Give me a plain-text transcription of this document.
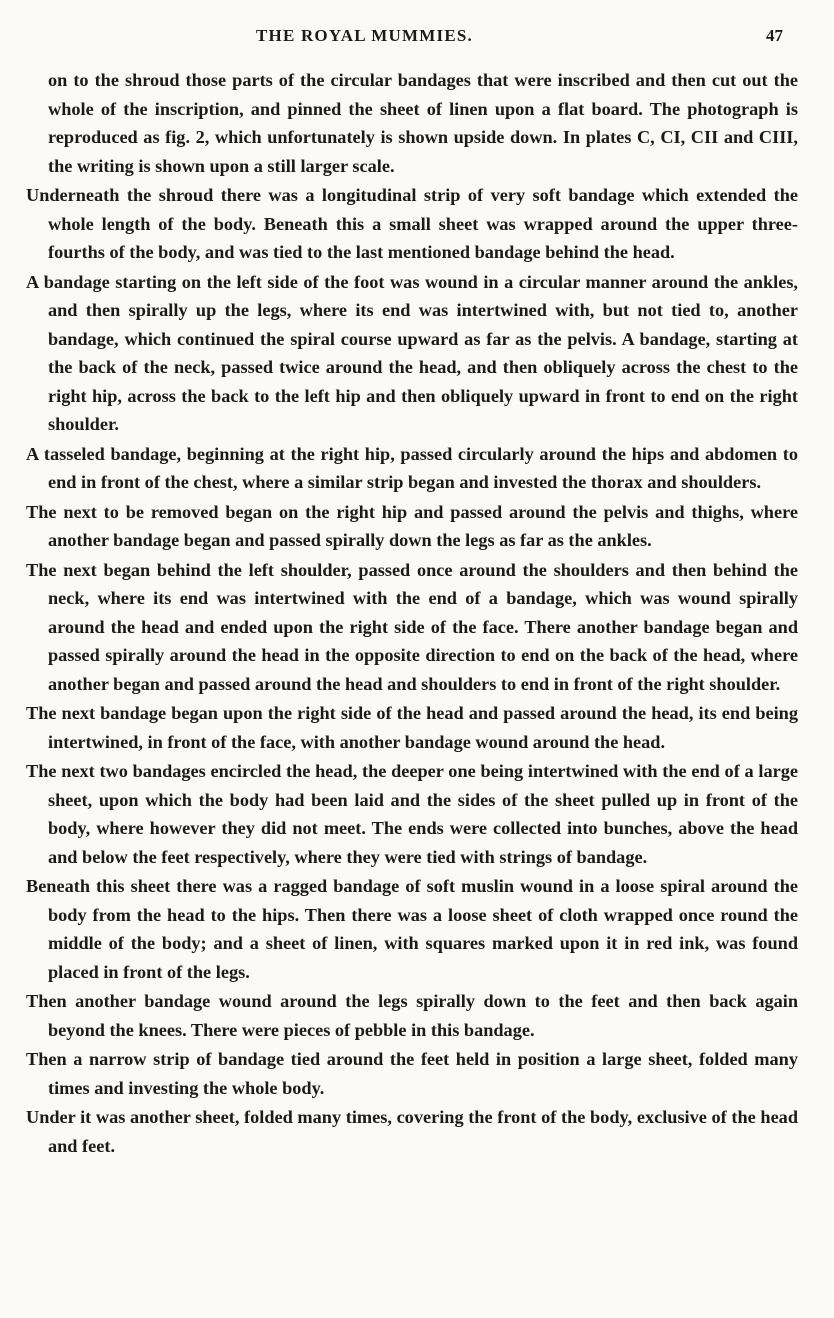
THE ROYAL MUMMIES.	47

on to the shroud those parts of the circular bandages that were inscribed and then cut out the whole of the inscription, and pinned the sheet of linen upon a flat board. The photograph is reproduced as fig. 2, which unfortunately is shown upside down. In plates C, CI, CII and CIII, the writing is shown upon a still larger scale.

Underneath the shroud there was a longitudinal strip of very soft bandage which extended the whole length of the body. Beneath this a small sheet was wrapped around the upper three-fourths of the body, and was tied to the last mentioned bandage behind the head.

A bandage starting on the left side of the foot was wound in a circular manner around the ankles, and then spirally up the legs, where its end was intertwined with, but not tied to, another bandage, which continued the spiral course upward as far as the pelvis. A bandage, starting at the back of the neck, passed twice around the head, and then obliquely across the chest to the right hip, across the back to the left hip and then obliquely upward in front to end on the right shoulder.

A tasseled bandage, beginning at the right hip, passed circularly around the hips and abdomen to end in front of the chest, where a similar strip began and invested the thorax and shoulders.

The next to be removed began on the right hip and passed around the pelvis and thighs, where another bandage began and passed spirally down the legs as far as the ankles.

The next began behind the left shoulder, passed once around the shoulders and then behind the neck, where its end was intertwined with the end of a bandage, which was wound spirally around the head and ended upon the right side of the face. There another bandage began and passed spirally around the head in the opposite direction to end on the back of the head, where another began and passed around the head and shoulders to end in front of the right shoulder.

The next bandage began upon the right side of the head and passed around the head, its end being intertwined, in front of the face, with another bandage wound around the head.

The next two bandages encircled the head, the deeper one being intertwined with the end of a large sheet, upon which the body had been laid and the sides of the sheet pulled up in front of the body, where however they did not meet. The ends were collected into bunches, above the head and below the feet respectively, where they were tied with strings of bandage.

Beneath this sheet there was a ragged bandage of soft muslin wound in a loose spiral around the body from the head to the hips. Then there was a loose sheet of cloth wrapped once round the middle of the body; and a sheet of linen, with squares marked upon it in red ink, was found placed in front of the legs.

Then another bandage wound around the legs spirally down to the feet and then back again beyond the knees. There were pieces of pebble in this bandage.

Then a narrow strip of bandage tied around the feet held in position a large sheet, folded many times and investing the whole body.

Under it was another sheet, folded many times, covering the front of the body, exclusive of the head and feet.
